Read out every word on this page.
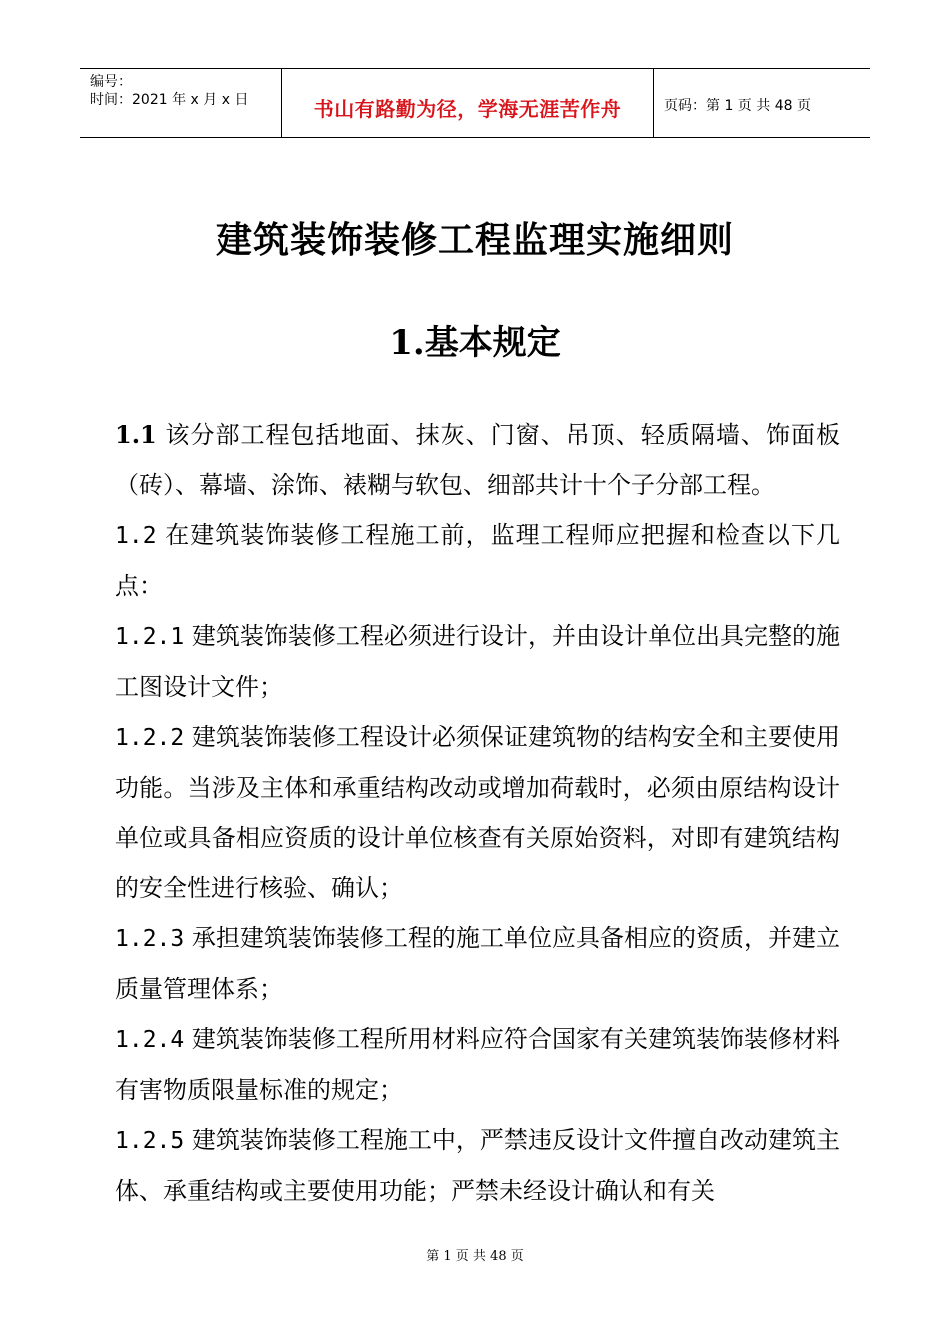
编号：
时间：2021 年 x 月 x 日	书山有路勤为径，学海无涯苦作舟	页码：第 1 页 共 48 页
建筑装饰装修工程监理实施细则
1.基本规定

1.1 该分部工程包括地面、抹灰、门窗、吊顶、轻质隔墙、饰面板（砖）、幕墙、涂饰、裱糊与软包、细部共计十个子分部工程。

1.2 在建筑装饰装修工程施工前，监理工程师应把握和检查以下几点：

1.2.1 建筑装饰装修工程必须进行设计，并由设计单位出具完整的施工图设计文件；

1.2.2 建筑装饰装修工程设计必须保证建筑物的结构安全和主要使用功能。当涉及主体和承重结构改动或增加荷载时，必须由原结构设计单位或具备相应资质的设计单位核查有关原始资料，对即有建筑结构的安全性进行核验、确认；

1.2.3 承担建筑装饰装修工程的施工单位应具备相应的资质，并建立质量管理体系；

1.2.4 建筑装饰装修工程所用材料应符合国家有关建筑装饰装修材料有害物质限量标准的规定；

1.2.5 建筑装饰装修工程施工中，严禁违反设计文件擅自改动建筑主体、承重结构或主要使用功能；严禁未经设计确认和有关

第 1 页 共 48 页
